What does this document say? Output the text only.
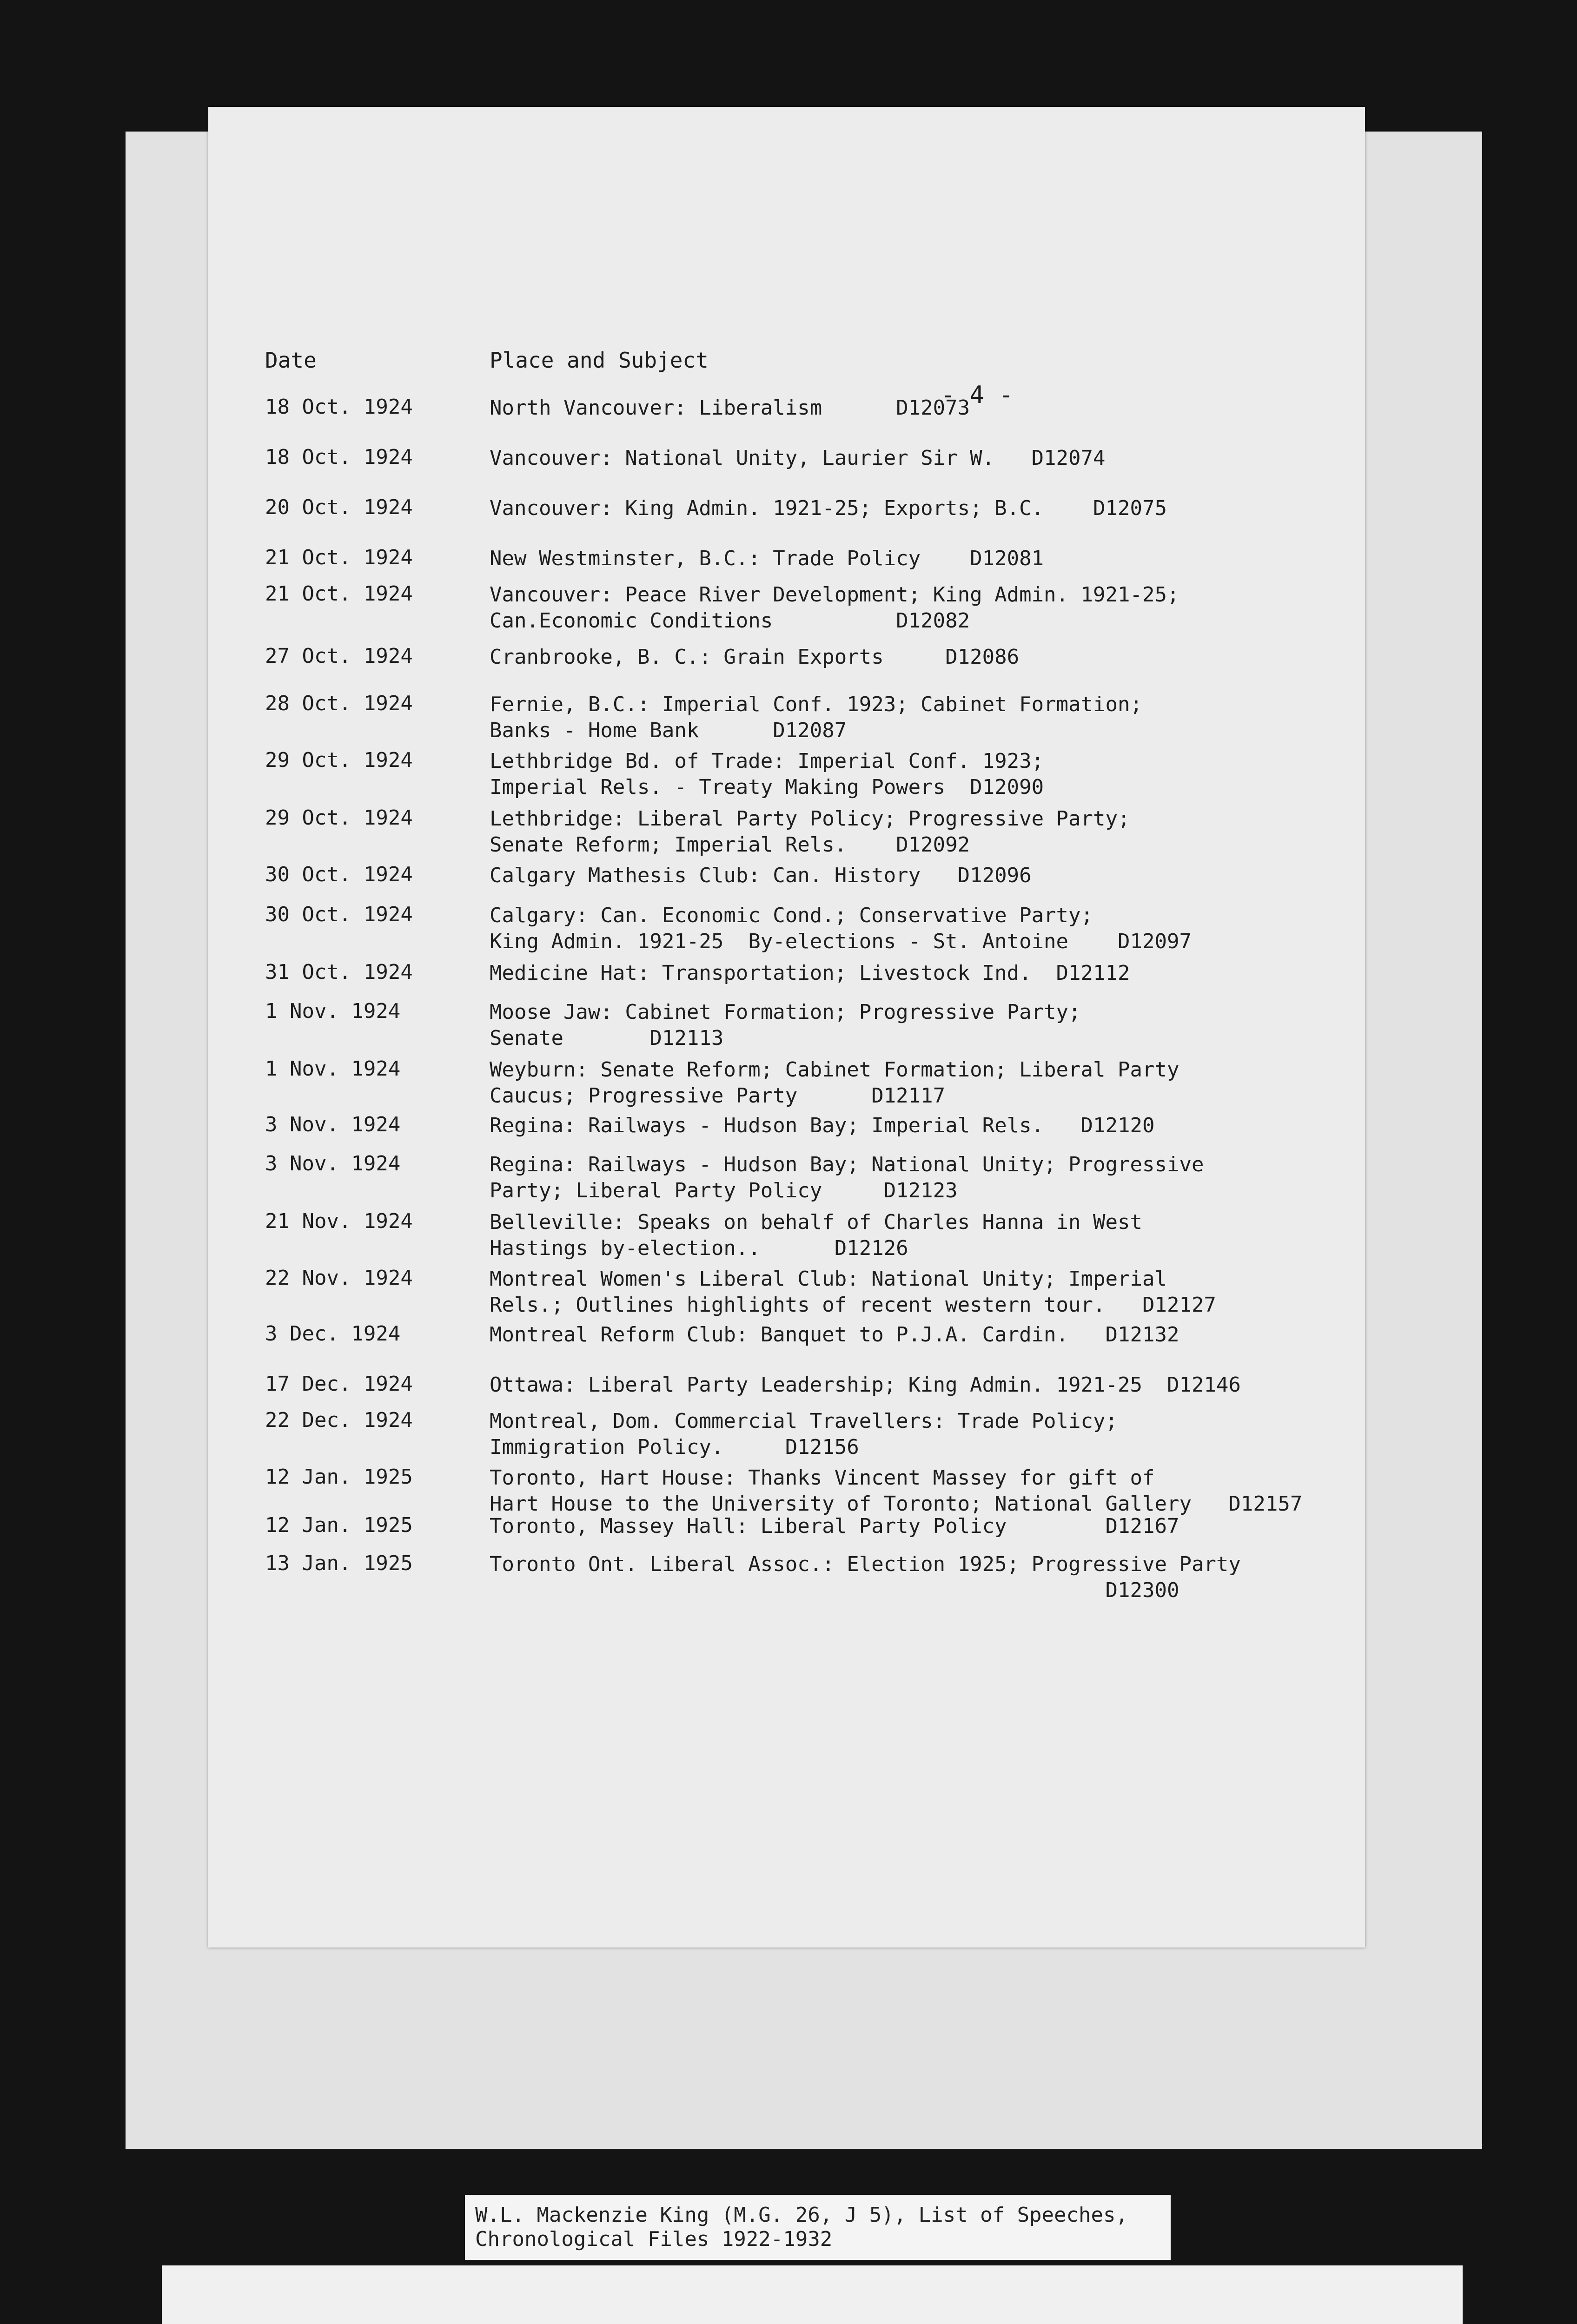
- 4 -
Date	Place and Subject
18 Oct. 1924	North Vancouver: Liberalism      D12073
18 Oct. 1924	Vancouver: National Unity, Laurier Sir W.   D12074
20 Oct. 1924	Vancouver: King Admin. 1921-25; Exports; B.C.    D12075
21 Oct. 1924	New Westminster, B.C.: Trade Policy    D12081
21 Oct. 1924	Vancouver: Peace River Development; King Admin. 1921-25;
Can.Economic Conditions          D12082
27 Oct. 1924	Cranbrooke, B. C.: Grain Exports     D12086
28 Oct. 1924	Fernie, B.C.: Imperial Conf. 1923; Cabinet Formation;
Banks - Home Bank      D12087
29 Oct. 1924	Lethbridge Bd. of Trade: Imperial Conf. 1923;
Imperial Rels. - Treaty Making Powers  D12090
29 Oct. 1924	Lethbridge: Liberal Party Policy; Progressive Party;
Senate Reform; Imperial Rels.    D12092
30 Oct. 1924	Calgary Mathesis Club: Can. History   D12096
30 Oct. 1924	Calgary: Can. Economic Cond.; Conservative Party;
King Admin. 1921-25  By-elections - St. Antoine    D12097
31 Oct. 1924	Medicine Hat: Transportation; Livestock Ind.  D12112
1 Nov. 1924	Moose Jaw: Cabinet Formation; Progressive Party;
Senate       D12113
1 Nov. 1924	Weyburn: Senate Reform; Cabinet Formation; Liberal Party
Caucus; Progressive Party      D12117
3 Nov. 1924	Regina: Railways - Hudson Bay; Imperial Rels.   D12120
3 Nov. 1924	Regina: Railways - Hudson Bay; National Unity; Progressive
Party; Liberal Party Policy     D12123
21 Nov. 1924	Belleville: Speaks on behalf of Charles Hanna in West
Hastings by-election..      D12126
22 Nov. 1924	Montreal Women's Liberal Club: National Unity; Imperial
Rels.; Outlines highlights of recent western tour.   D12127
3 Dec. 1924	Montreal Reform Club: Banquet to P.J.A. Cardin.   D12132
17 Dec. 1924	Ottawa: Liberal Party Leadership; King Admin. 1921-25  D12146
22 Dec. 1924	Montreal, Dom. Commercial Travellers: Trade Policy;
Immigration Policy.     D12156
12 Jan. 1925	Toronto, Hart House: Thanks Vincent Massey for gift of
Hart House to the University of Toronto; National Gallery   D12157
12 Jan. 1925	Toronto, Massey Hall: Liberal Party Policy        D12167
13 Jan. 1925	Toronto Ont. Liberal Assoc.: Election 1925; Progressive Party
D12300
W.L. Mackenzie King (M.G. 26, J 5), List of Speeches,
Chronological Files 1922-1932
